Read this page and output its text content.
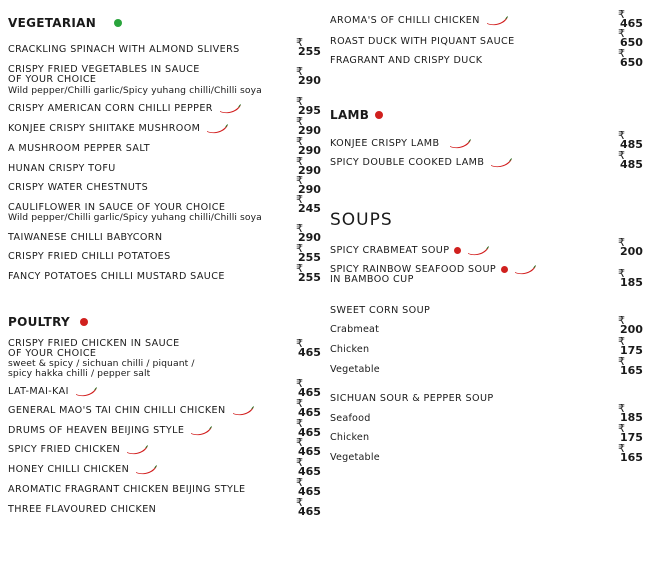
VEGETARIAN
CRACKLING SPINACH WITH ALMOND SLIVERS
₹
255
CRISPY FRIED VEGETABLES IN SAUCE
OF YOUR CHOICE
Wild pepper/Chilli garlic/Spicy yuhang chilli/Chilli soya
₹
290
CRISPY AMERICAN CORN CHILLI PEPPER
₹
295
KONJEE CRISPY SHIITAKE MUSHROOM
₹
290
A MUSHROOM PEPPER SALT
₹
290
HUNAN CRISPY TOFU
₹
290
CRISPY WATER CHESTNUTS
₹
290
CAULIFLOWER IN SAUCE OF YOUR CHOICE
Wild pepper/Chilli garlic/Spicy yuhang chilli/Chilli soya
₹
245
₹
290
TAIWANESE CHILLI BABYCORN
CRISPY FRIED CHILLI POTATOES
₹
255
FANCY POTATOES CHILLI MUSTARD SAUCE
₹
255
POULTRY
CRISPY FRIED CHICKEN IN SAUCE
OF YOUR CHOICE
sweet & spicy / sichuan chilli / piquant /
spicy hakka chilli / pepper salt
₹
465
LAT-MAI-KAI
₹
465
GENERAL MAO'S TAI CHIN CHILLI CHICKEN
₹
465
DRUMS OF HEAVEN BEIJING STYLE
₹
465
SPICY FRIED CHICKEN
₹
465
HONEY CHILLI CHICKEN
₹
465
AROMATIC FRAGRANT CHICKEN BEIJING STYLE
₹
465
THREE FLAVOURED CHICKEN
₹
465
AROMA'S OF CHILLI CHICKEN	₹
465
ROAST DUCK WITH PIQUANT SAUCE
₹
650
FRAGRANT AND CRISPY DUCK
₹
650
LAMB
KONJEE CRISPY LAMB
₹
485
SPICY DOUBLE COOKED LAMB
₹
485
SOUPS
SPICY CRABMEAT SOUP
₹
200
SPICY RAINBOW SEAFOOD SOUP
IN BAMBOO CUP	₹
185
SWEET CORN SOUP
Crabmeat
₹
200
Chicken
₹
175
Vegetable
₹
165
SICHUAN SOUR & PEPPER SOUP
Seafood
₹
185
Chicken
₹
175
Vegetable
₹
165
